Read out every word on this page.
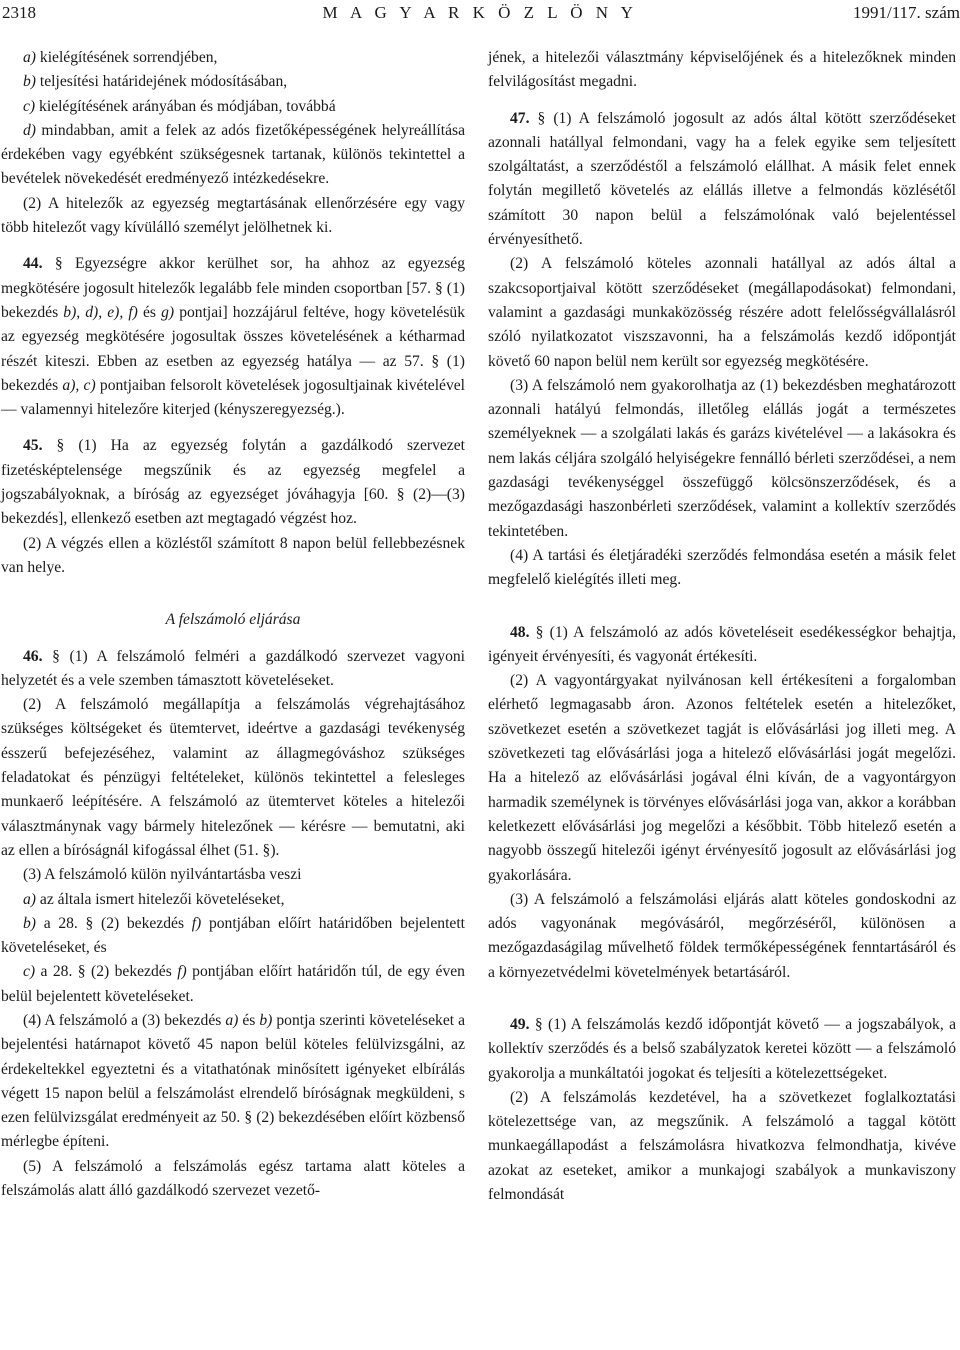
2318	M A G Y A R K Ö Z L Ö N Y	1991/117. szám

a) kielégítésének sorrendjében,

b) teljesítési határidejének módosításában,

c) kielégítésének arányában és módjában, továbbá

d) mindabban, amit a felek az adós fizetőképességének helyreállítása érdekében vagy egyébként szükségesnek tartanak, különös tekintettel a bevételek növekedését eredményező intézkedésekre.

(2) A hitelezők az egyezség megtartásának ellenőrzésére egy vagy több hitelezőt vagy kívülálló személyt jelölhetnek ki.

44. § Egyezségre akkor kerülhet sor, ha ahhoz az egyezség megkötésére jogosult hitelezők legalább fele minden csoportban [57. § (1) bekezdés b), d), e), f) és g) pontjai] hozzájárul feltéve, hogy követelésük az egyezség megkötésére jogosultak összes követelésének a kétharmad részét kiteszi. Ebben az esetben az egyezség hatálya — az 57. § (1) bekezdés a), c) pontjaiban felsorolt követelések jogosultjainak kivételével — valamennyi hitelezőre kiterjed (kényszeregyezség.).

45. § (1) Ha az egyezség folytán a gazdálkodó szervezet fizetésképtelensége megszűnik és az egyezség megfelel a jogszabályoknak, a bíróság az egyezséget jóváhagyja [60. § (2)—(3) bekezdés], ellenkező esetben azt megtagadó végzést hoz.

(2) A végzés ellen a közléstől számított 8 napon belül fellebbezésnek van helye.

A felszámoló eljárása

46. § (1) A felszámoló felméri a gazdálkodó szervezet vagyoni helyzetét és a vele szemben támasztott követeléseket.

(2) A felszámoló megállapítja a felszámolás végrehajtásához szükséges költségeket és ütemtervet, ideértve a gazdasági tevékenység ésszerű befejezéséhez, valamint az állagmegóváshoz szükséges feladatokat és pénzügyi feltételeket, különös tekintettel a felesleges munkaerő leépítésére. A felszámoló az ütemtervet köteles a hitelezői választmánynak vagy bármely hitelezőnek — kérésre — bemutatni, aki az ellen a bíróságnál kifogással élhet (51. §).

(3) A felszámoló külön nyilvántartásba veszi

a) az általa ismert hitelezői követeléseket,

b) a 28. § (2) bekezdés f) pontjában előírt határidőben bejelentett követeléseket, és

c) a 28. § (2) bekezdés f) pontjában előírt határidőn túl, de egy éven belül bejelentett követeléseket.

(4) A felszámoló a (3) bekezdés a) és b) pontja szerinti követeléseket a bejelentési határnapot követő 45 napon belül köteles felülvizsgálni, az érdekeltekkel egyeztetni és a vitathatónak minősített igényeket elbírálás végett 15 napon belül a felszámolást elrendelő bíróságnak megküldeni, s ezen felülvizsgálat eredményeit az 50. § (2) bekezdésében előírt közbenső mérlegbe építeni.

(5) A felszámoló a felszámolás egész tartama alatt köteles a felszámolás alatt álló gazdálkodó szervezet vezető-

jének, a hitelezői választmány képviselőjének és a hitelezőknek minden felvilágosítást megadni.

47. § (1) A felszámoló jogosult az adós által kötött szerződéseket azonnali hatállyal felmondani, vagy ha a felek egyike sem teljesített szolgáltatást, a szerződéstől a felszámoló elállhat. A másik felet ennek folytán megillető követelés az elállás illetve a felmondás közlésétől számított 30 napon belül a felszámolónak való bejelentéssel érvényesíthető.

(2) A felszámoló köteles azonnali hatállyal az adós által a szakcsoportjaival kötött szerződéseket (megállapodásokat) felmondani, valamint a gazdasági munkaközösség részére adott felelősségvállalásról szóló nyilatkozatot viszszavonni, ha a felszámolás kezdő időpontját követő 60 napon belül nem került sor egyezség megkötésére.

(3) A felszámoló nem gyakorolhatja az (1) bekezdésben meghatározott azonnali hatályú felmondás, illetőleg elállás jogát a természetes személyeknek — a szolgálati lakás és garázs kivételével — a lakásokra és nem lakás céljára szolgáló helyiségekre fennálló bérleti szerződései, a nem gazdasági tevékenységgel összefüggő kölcsönszerződések, és a mezőgazdasági haszonbérleti szerződések, valamint a kollektív szerződés tekintetében.

(4) A tartási és életjáradéki szerződés felmondása esetén a másik felet megfelelő kielégítés illeti meg.

48. § (1) A felszámoló az adós követeléseit esedékességkor behajtja, igényeit érvényesíti, és vagyonát értékesíti.

(2) A vagyontárgyakat nyilvánosan kell értékesíteni a forgalomban elérhető legmagasabb áron. Azonos feltételek esetén a hitelezőket, szövetkezet esetén a szövetkezet tagját is elővásárlási jog illeti meg. A szövetkezeti tag elővásárlási joga a hitelező elővásárlási jogát megelőzi. Ha a hitelező az elővásárlási jogával élni kíván, de a vagyontárgyon harmadik személynek is törvényes elővásárlási joga van, akkor a korábban keletkezett elővásárlási jog megelőzi a későbbit. Több hitelező esetén a nagyobb összegű hitelezői igényt érvényesítő jogosult az elővásárlási jog gyakorlására.

(3) A felszámoló a felszámolási eljárás alatt köteles gondoskodni az adós vagyonának megóvásáról, megőrzéséről, különösen a mezőgazdaságilag művelhető földek termőképességének fenntartásáról és a környezetvédelmi követelmények betartásáról.

49. § (1) A felszámolás kezdő időpontját követő — a jogszabályok, a kollektív szerződés és a belső szabályzatok keretei között — a felszámoló gyakorolja a munkáltatói jogokat és teljesíti a kötelezettségeket.

(2) A felszámolás kezdetével, ha a szövetkezet foglalkoztatási kötelezettsége van, az megszűnik. A felszámoló a taggal kötött munkaegállapodást a felszámolásra hivatkozva felmondhatja, kivéve azokat az eseteket, amikor a munkajogi szabályok a munkaviszony felmondását
